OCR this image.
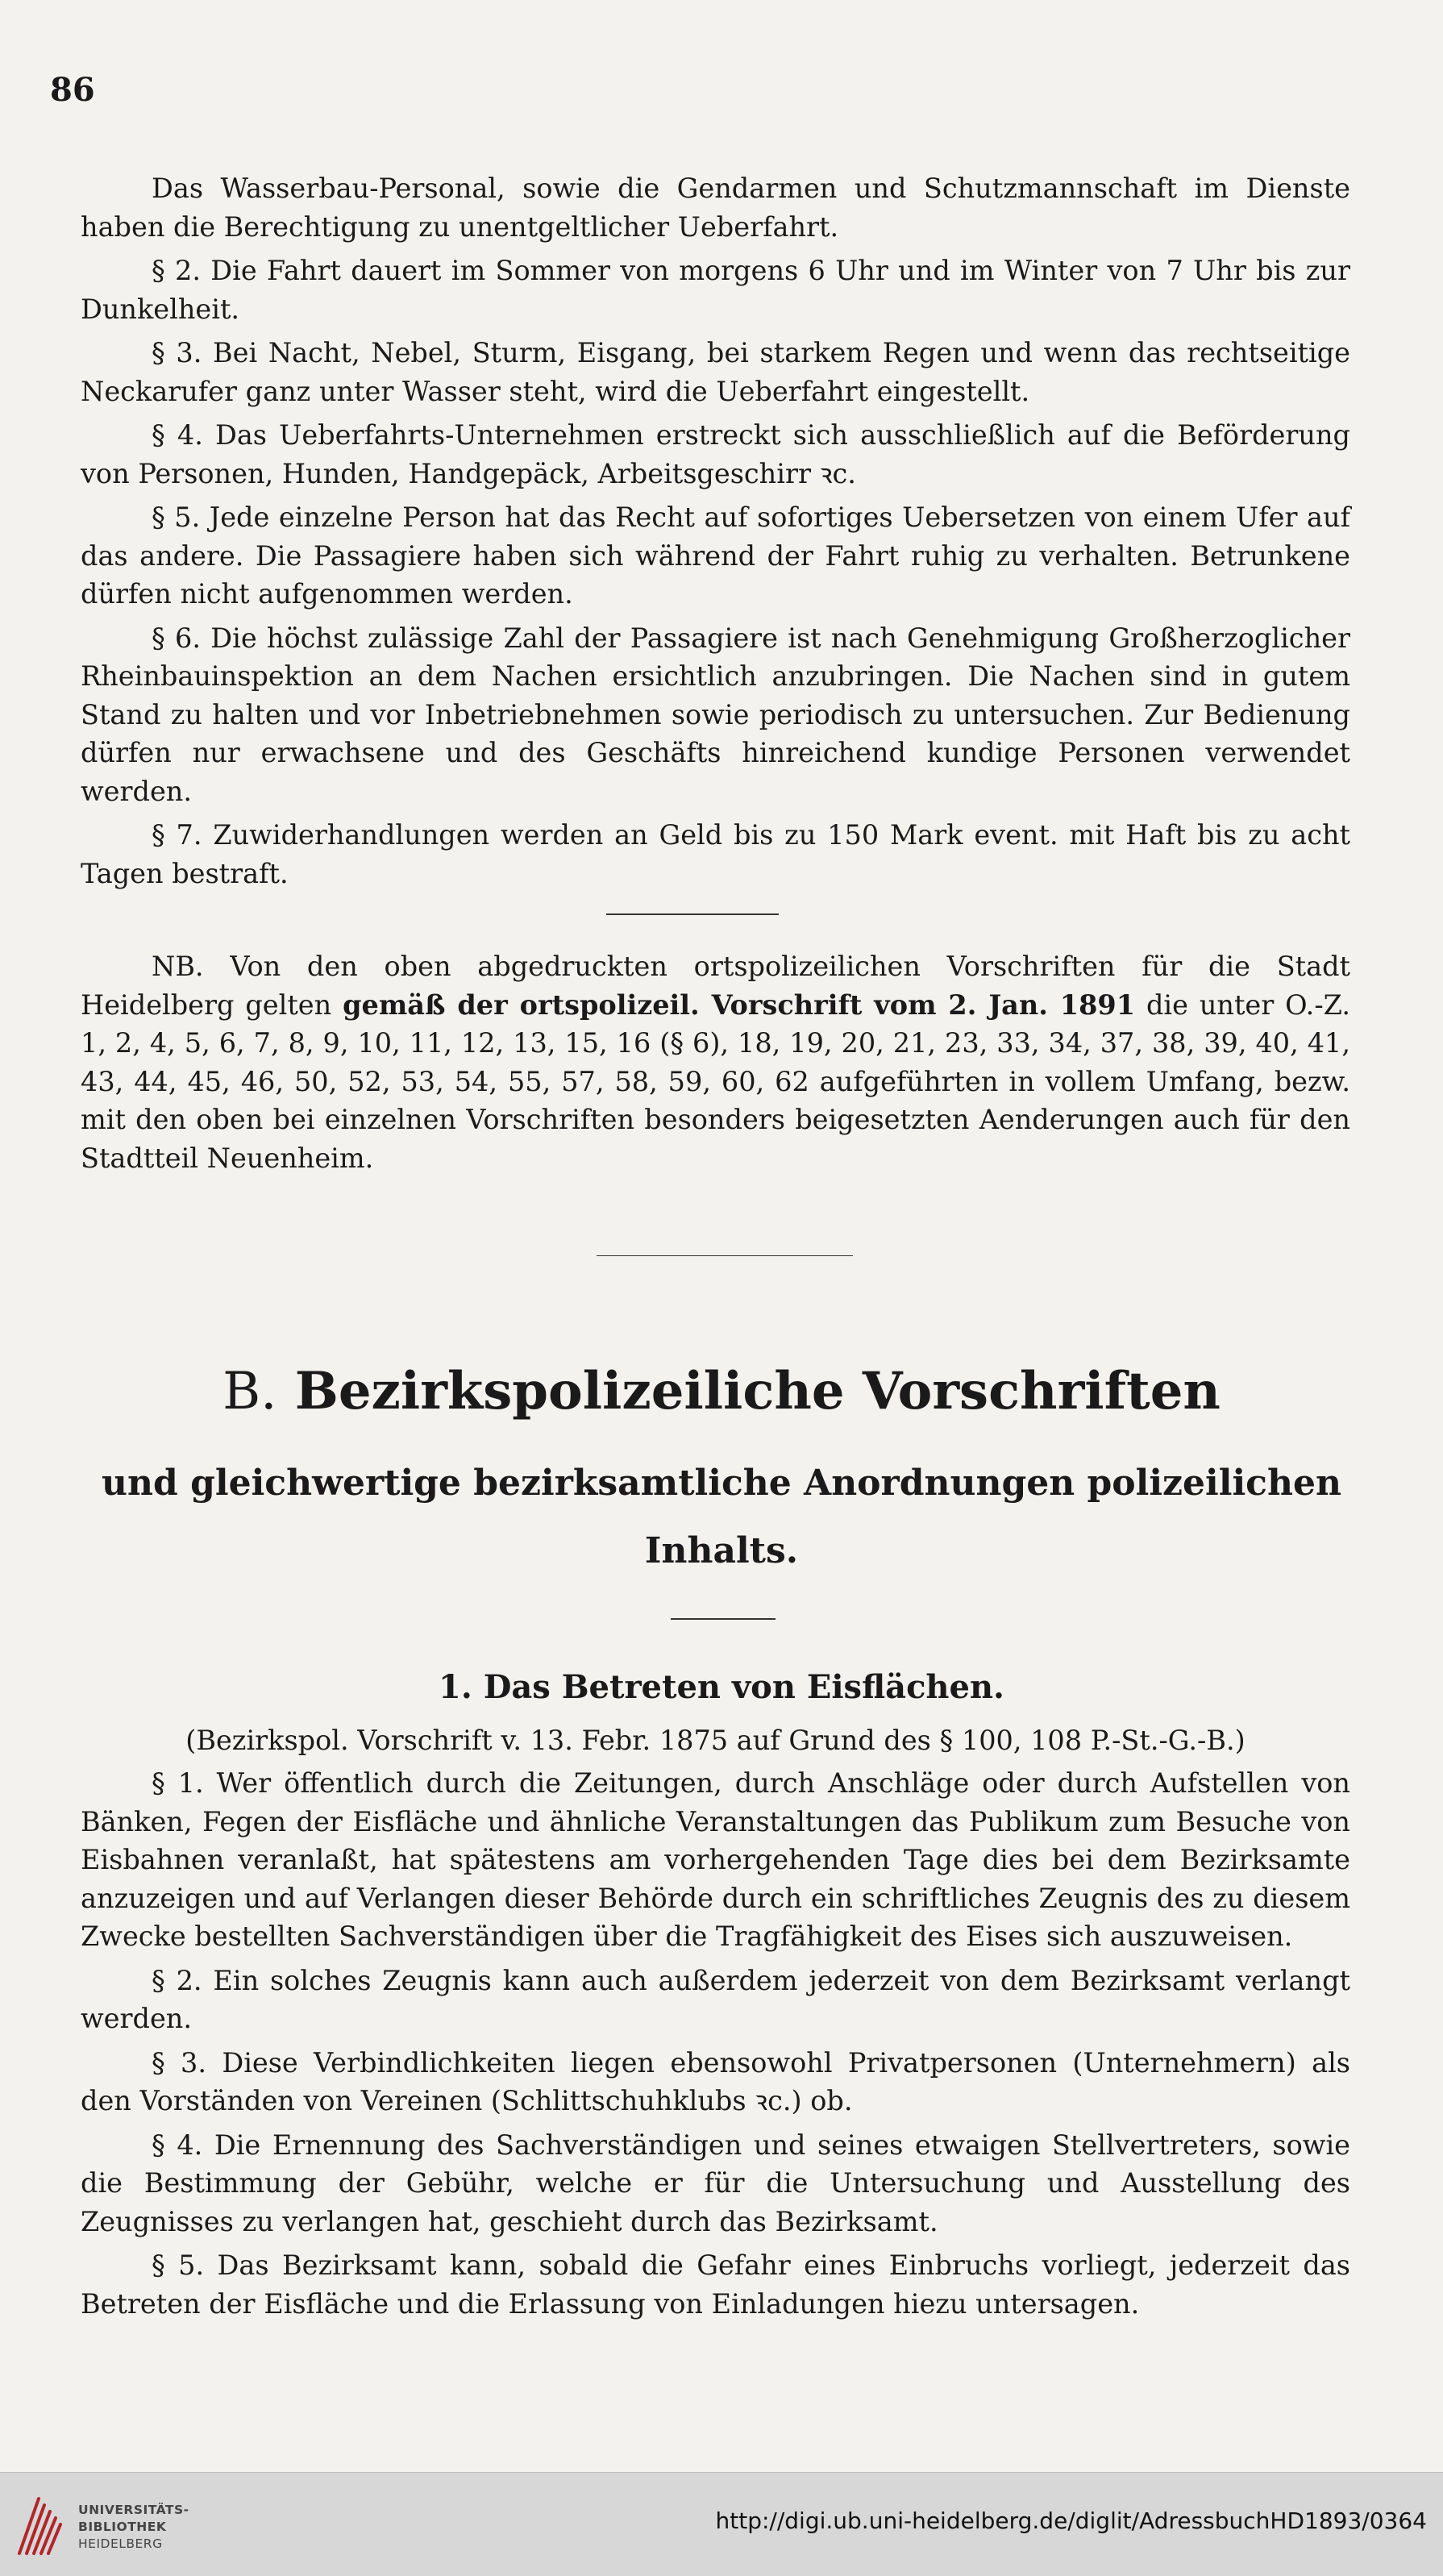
86

Das Wasserbau-Personal, sowie die Gendarmen und Schutzmannschaft im Dienste haben die Berechtigung zu unentgeltlicher Ueberfahrt.

§ 2. Die Fahrt dauert im Sommer von morgens 6 Uhr und im Winter von 7 Uhr bis zur Dunkelheit.

§ 3. Bei Nacht, Nebel, Sturm, Eisgang, bei starkem Regen und wenn das rechtseitige Neckarufer ganz unter Wasser steht, wird die Ueberfahrt eingestellt.

§ 4. Das Ueberfahrts-Unternehmen erstreckt sich ausschließlich auf die Beförderung von Personen, Hunden, Handgepäck, Arbeitsgeschirr ꝛc.

§ 5. Jede einzelne Person hat das Recht auf sofortiges Uebersetzen von einem Ufer auf das andere. Die Passagiere haben sich während der Fahrt ruhig zu verhalten. Betrunkene dürfen nicht aufgenommen werden.

§ 6. Die höchst zulässige Zahl der Passagiere ist nach Genehmigung Großherzoglicher Rheinbauinspektion an dem Nachen ersichtlich anzubringen. Die Nachen sind in gutem Stand zu halten und vor Inbetriebnehmen sowie periodisch zu untersuchen. Zur Bedienung dürfen nur erwachsene und des Geschäfts hinreichend kundige Personen verwendet werden.

§ 7. Zuwiderhandlungen werden an Geld bis zu 150 Mark event. mit Haft bis zu acht Tagen bestraft.

NB. Von den oben abgedruckten ortspolizeilichen Vorschriften für die Stadt Heidelberg gelten gemäß der ortspolizeil. Vorschrift vom 2. Jan. 1891 die unter O.-Z. 1, 2, 4, 5, 6, 7, 8, 9, 10, 11, 12, 13, 15, 16 (§ 6), 18, 19, 20, 21, 23, 33, 34, 37, 38, 39, 40, 41, 43, 44, 45, 46, 50, 52, 53, 54, 55, 57, 58, 59, 60, 62 aufgeführten in vollem Umfang, bezw. mit den oben bei einzelnen Vorschriften besonders beigesetzten Aenderungen auch für den Stadtteil Neuenheim.

B. Bezirkspolizeiliche Vorschriften
und gleichwertige bezirksamtliche Anordnungen polizeilichen
Inhalts.
1. Das Betreten von Eisflächen.
(Bezirkspol. Vorschrift v. 13. Febr. 1875 auf Grund des § 100, 108 P.-St.-G.-B.)

§ 1. Wer öffentlich durch die Zeitungen, durch Anschläge oder durch Aufstellen von Bänken, Fegen der Eisfläche und ähnliche Veranstaltungen das Publikum zum Besuche von Eisbahnen veranlaßt, hat spätestens am vorhergehenden Tage dies bei dem Bezirksamte anzuzeigen und auf Verlangen dieser Behörde durch ein schriftliches Zeugnis des zu diesem Zwecke bestellten Sachverständigen über die Tragfähigkeit des Eises sich auszuweisen.

§ 2. Ein solches Zeugnis kann auch außerdem jederzeit von dem Bezirksamt verlangt werden.

§ 3. Diese Verbindlichkeiten liegen ebensowohl Privatpersonen (Unternehmern) als den Vorständen von Vereinen (Schlittschuhklubs ꝛc.) ob.

§ 4. Die Ernennung des Sachverständigen und seines etwaigen Stellvertreters, sowie die Bestimmung der Gebühr, welche er für die Untersuchung und Ausstellung des Zeugnisses zu verlangen hat, geschieht durch das Bezirksamt.

§ 5. Das Bezirksamt kann, sobald die Gefahr eines Einbruchs vorliegt, jederzeit das Betreten der Eisfläche und die Erlassung von Einladungen hiezu untersagen.

UNIVERSITÄTS-
BIBLIOTHEK
HEIDELBERG
http://digi.ub.uni-heidelberg.de/diglit/AdressbuchHD1893/0364
